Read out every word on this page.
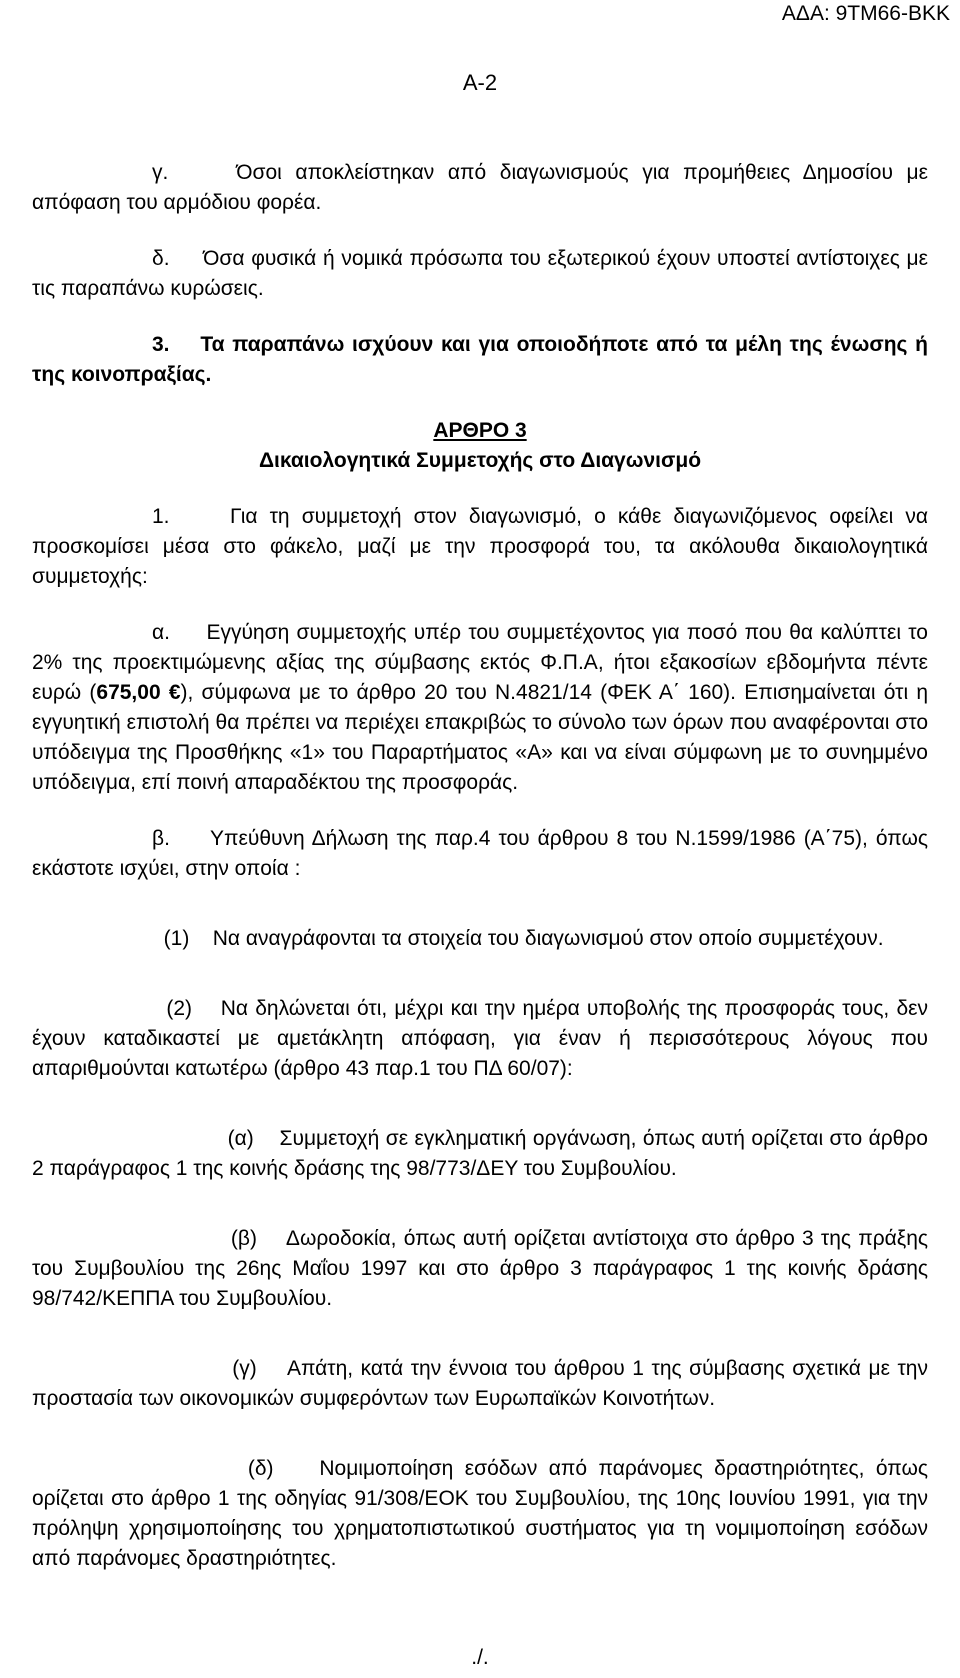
ΑΔΑ: 9ΤΜ66-ΒΚΚ
Α-2

γ.	Όσοι αποκλείστηκαν από διαγωνισμούς για προμήθειες Δημοσίου με απόφαση του αρμόδιου φορέα.

δ. Όσα φυσικά ή νομικά πρόσωπα του εξωτερικού έχουν υποστεί αντίστοιχες με τις παραπάνω κυρώσεις.

3. Τα παραπάνω ισχύουν και για οποιοδήποτε από τα μέλη της ένωσης ή της κοινοπραξίας.

ΑΡΘΡΟ 3
Δικαιολογητικά Συμμετοχής στο Διαγωνισμό

1.	Για τη συμμετοχή στον διαγωνισμό, ο κάθε διαγωνιζόμενος οφείλει να προσκομίσει μέσα στο φάκελο, μαζί με την προσφορά του, τα ακόλουθα δικαιολογητικά συμμετοχής:

α. Εγγύηση συμμετοχής υπέρ του συμμετέχοντος για ποσό που θα καλύπτει το 2% της προεκτιμώμενης αξίας της σύμβασης εκτός Φ.Π.Α, ήτοι εξακοσίων εβδομήντα πέντε ευρώ (675,00 €), σύμφωνα με το άρθρο 20 του Ν.4821/14 (ΦΕΚ Α΄ 160). Επισημαίνεται ότι η εγγυητική επιστολή θα πρέπει να περιέχει επακριβώς το σύνολο των όρων που αναφέρονται στο υπόδειγμα της Προσθήκης «1» του Παραρτήματος «Α» και να είναι σύμφωνη με το συνημμένο υπόδειγμα, επί ποινή απαραδέκτου της προσφοράς.

β. Υπεύθυνη Δήλωση της παρ.4 του άρθρου 8 του Ν.1599/1986 (Α΄75), όπως εκάστοτε ισχύει, στην οποία :

(1) Να αναγράφονται τα στοιχεία του διαγωνισμού στον οποίο συμμετέχουν.

(2) Να δηλώνεται ότι, μέχρι και την ημέρα υποβολής της προσφοράς τους, δεν έχουν καταδικαστεί με αμετάκλητη απόφαση, για έναν ή περισσότερους λόγους που απαριθμούνται κατωτέρω (άρθρο 43 παρ.1 του ΠΔ 60/07):

(α) Συμμετοχή σε εγκληματική οργάνωση, όπως αυτή ορίζεται στο άρθρο 2 παράγραφος 1 της κοινής δράσης της 98/773/ΔΕΥ του Συμβουλίου.

(β) Δωροδοκία, όπως αυτή ορίζεται αντίστοιχα στο άρθρο 3 της πράξης του Συμβουλίου της 26ης Μαΐου 1997 και στο άρθρο 3 παράγραφος 1 της κοινής δράσης 98/742/ΚΕΠΠΑ του Συμβουλίου.

(γ) Απάτη, κατά την έννοια του άρθρου 1 της σύμβασης σχετικά με την προστασία των οικονομικών συμφερόντων των Ευρωπαϊκών Κοινοτήτων.

(δ) Νομιμοποίηση εσόδων από παράνομες δραστηριότητες, όπως ορίζεται στο άρθρο 1 της οδηγίας 91/308/ΕΟΚ του Συμβουλίου, της 10ης Ιουνίου 1991, για την πρόληψη χρησιμοποίησης του χρηματοπιστωτικού συστήματος για τη νομιμοποίηση εσόδων από παράνομες δραστηριότητες.

./.
